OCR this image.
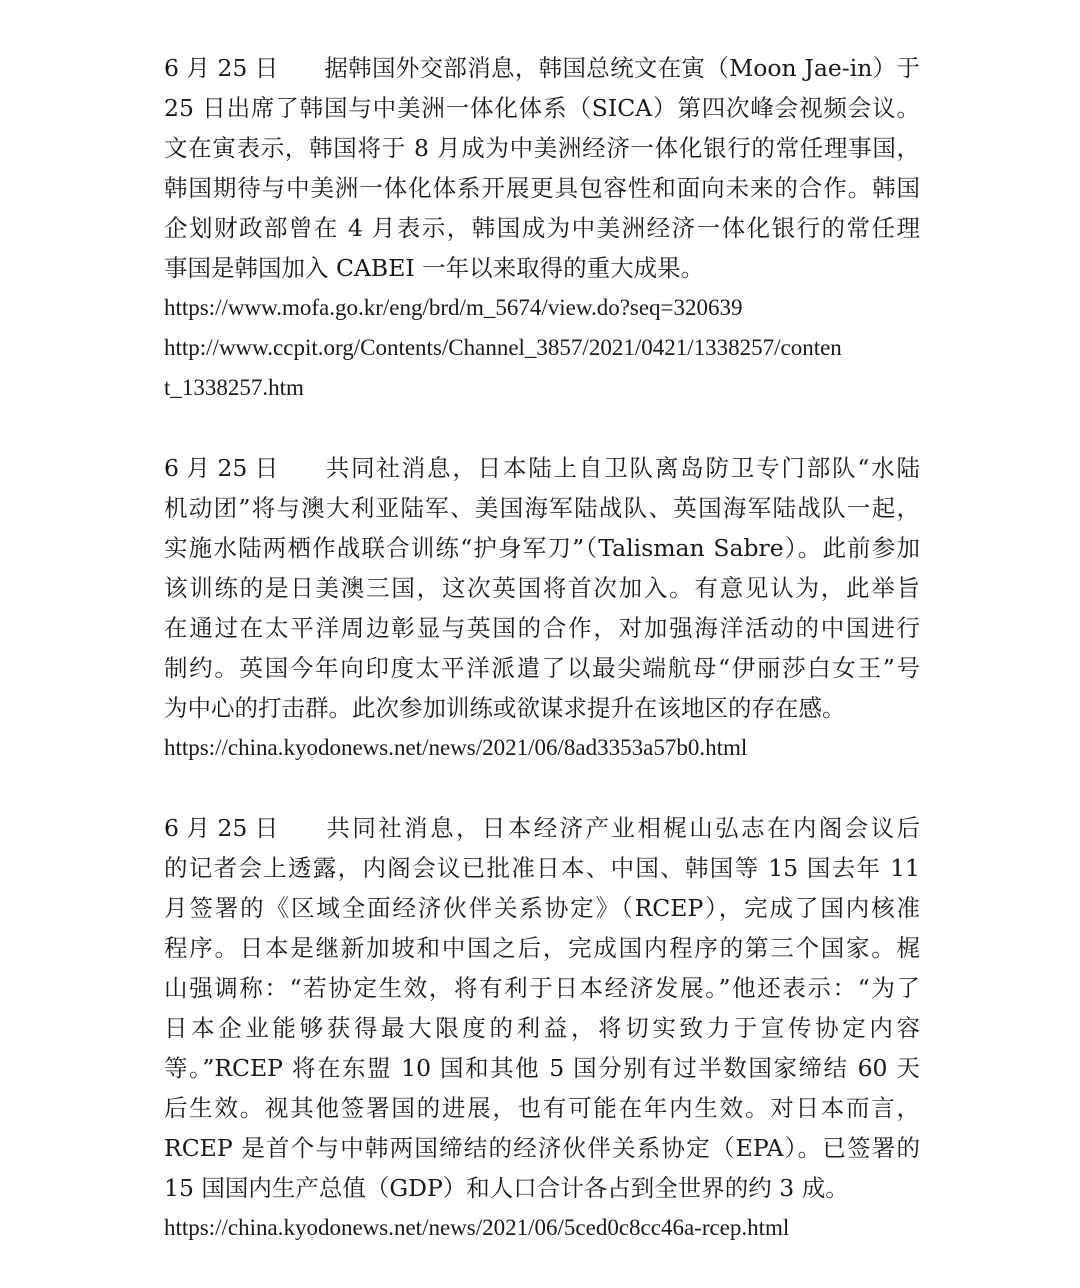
6 月 25 日 据韩国外交部消息，韩国总统文在寅（Moon Jae-in）于
25 日出席了韩国与中美洲一体化体系（SICA）第四次峰会视频会议。
文在寅表示，韩国将于 8 月成为中美洲经济一体化银行的常任理事国，
韩国期待与中美洲一体化体系开展更具包容性和面向未来的合作。韩国
企划财政部曾在 4 月表示，韩国成为中美洲经济一体化银行的常任理
事国是韩国加入 CABEI 一年以来取得的重大成果。
https://www.mofa.go.kr/eng/brd/m_5674/view.do?seq=320639
http://www.ccpit.org/Contents/Channel_3857/2021/0421/1338257/conten
t_1338257.htm
6 月 25 日 共同社消息，日本陆上自卫队离岛防卫专门部队“水陆
机动团”将与澳大利亚陆军、美国海军陆战队、英国海军陆战队一起，
实施水陆两栖作战联合训练“护身军刀”（Talisman Sabre）。此前参加
该训练的是日美澳三国，这次英国将首次加入。有意见认为，此举旨
在通过在太平洋周边彰显与英国的合作，对加强海洋活动的中国进行
制约。英国今年向印度太平洋派遣了以最尖端航母“伊丽莎白女王”号
为中心的打击群。此次参加训练或欲谋求提升在该地区的存在感。
https://china.kyodonews.net/news/2021/06/8ad3353a57b0.html
6 月 25 日 共同社消息，日本经济产业相梶山弘志在内阁会议后
的记者会上透露，内阁会议已批准日本、中国、韩国等 15 国去年 11
月签署的《区域全面经济伙伴关系协定》（RCEP），完成了国内核准
程序。日本是继新加坡和中国之后，完成国内程序的第三个国家。梶
山强调称：“若协定生效，将有利于日本经济发展。”他还表示：“为了
日本企业能够获得最大限度的利益，将切实致力于宣传协定内容
等。”RCEP 将在东盟 10 国和其他 5 国分别有过半数国家缔结 60 天
后生效。视其他签署国的进展，也有可能在年内生效。对日本而言，
RCEP 是首个与中韩两国缔结的经济伙伴关系协定（EPA）。已签署的
15 国国内生产总值（GDP）和人口合计各占到全世界的约 3 成。
https://china.kyodonews.net/news/2021/06/5ced0c8cc46a-rcep.html
